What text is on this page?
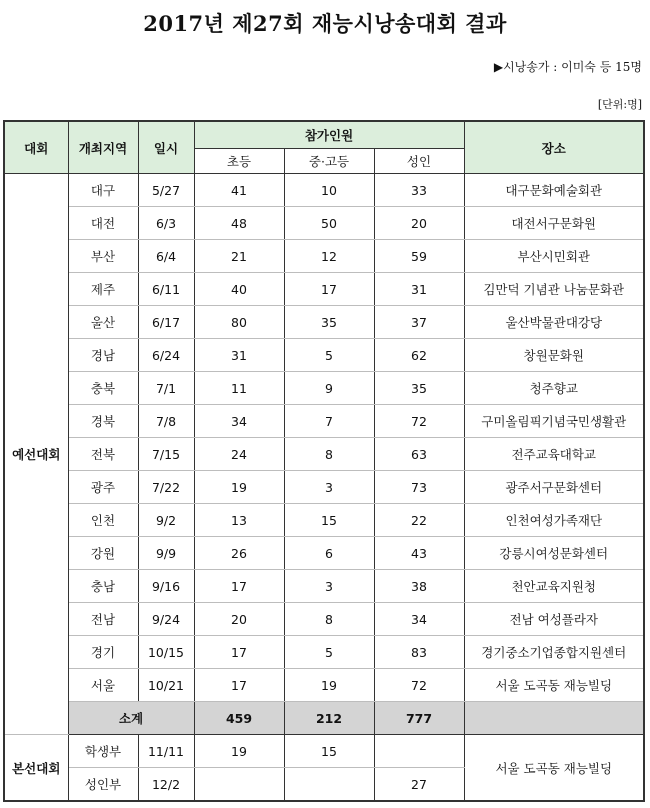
2017년 제27회 재능시낭송대회 결과
▶시낭송가 : 이미숙 등 15명
[단위:명]
대회	개최지역	일시	참가인원			장소
			초등	중·고등	성인	
예선대회	대구	5/27	41	10	33	대구문화예술회관
	대전	6/3	48	50	20	대전서구문화원
	부산	6/4	21	12	59	부산시민회관
	제주	6/11	40	17	31	김만덕 기념관 나눔문화관
	울산	6/17	80	35	37	울산박물관대강당
	경남	6/24	31	5	62	창원문화원
	충북	7/1	11	9	35	청주향교
	경북	7/8	34	7	72	구미올림픽기념국민생활관
	전북	7/15	24	8	63	전주교육대학교
	광주	7/22	19	3	73	광주서구문화센터
	인천	9/2	13	15	22	인천여성가족재단
	강원	9/9	26	6	43	강릉시여성문화센터
	충남	9/16	17	3	38	천안교육지원청
	전남	9/24	20	8	34	전남 여성플라자
	경기	10/15	17	5	83	경기중소기업종합지원센터
	서울	10/21	17	19	72	서울 도곡동 재능빌딩
	소계		459	212	777	
본선대회	학생부	11/11	19	15		서울 도곡동 재능빌딩
	성인부	12/2			27	
